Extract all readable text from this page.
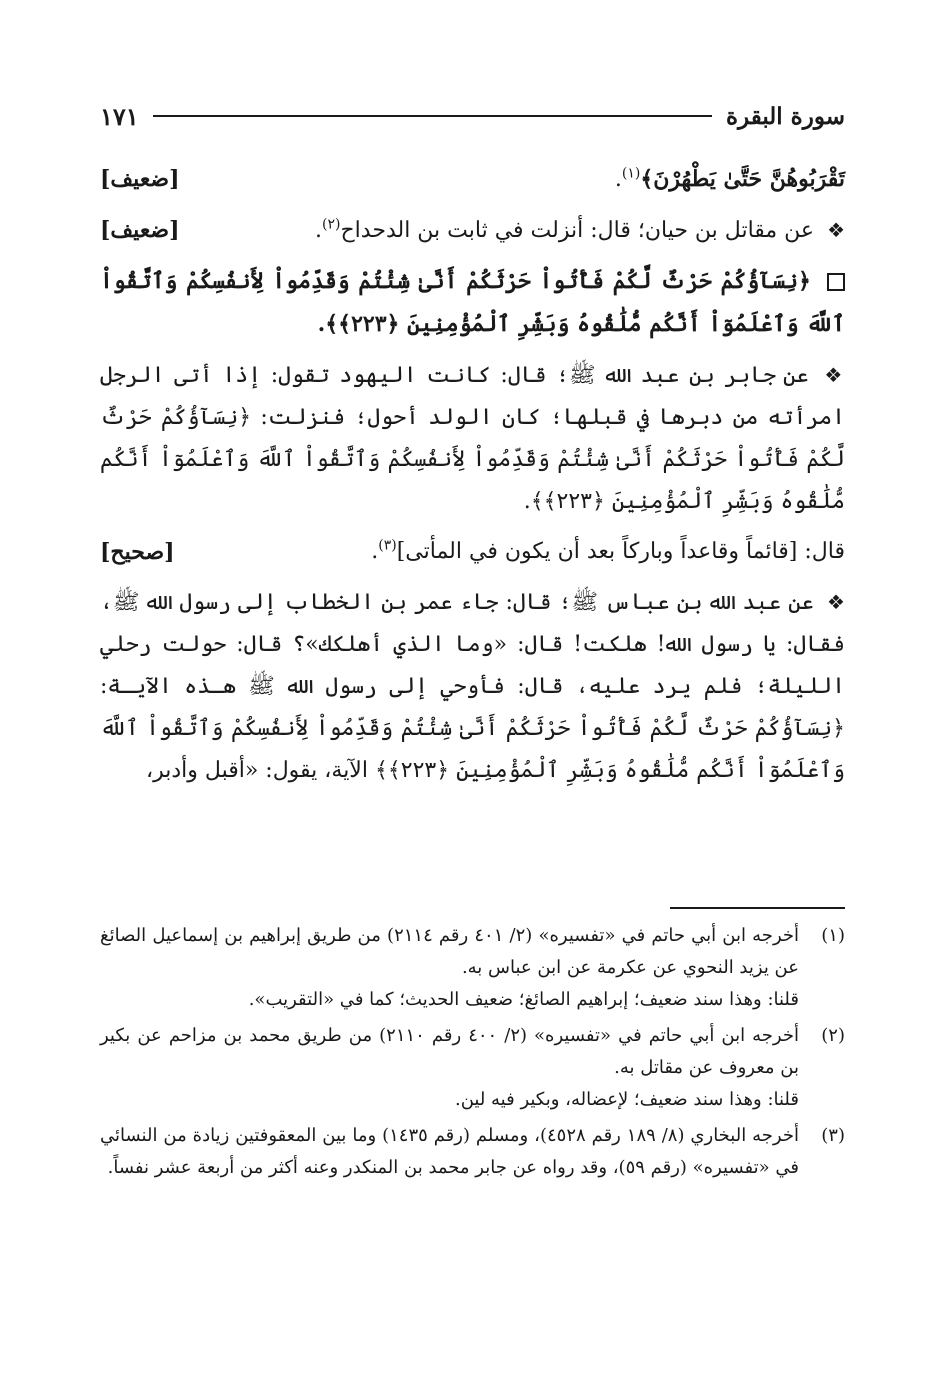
سورة البقرة
١٧١
[ضعيف]	تَقْرَبُوهُنَّ حَتَّىٰ يَطْهُرْنَ﴾$^{(١)}$.
[ضعيف]	❖ عن مقاتل بن حيان؛ قال: أنزلت في ثابت بن الدحداح$^{(٢)}$.
﴿نِسَآؤُكُمْ حَرْثٌ لَّكُمْ فَأْتُواْ حَرْثَكُمْ أَنَّىٰ شِئْتُمْ وَقَدِّمُواْ لِأَنفُسِكُمْ وَٱتَّقُواْ ٱللَّهَ وَٱعْلَمُوٓاْ أَنَّكُم مُّلَٰقُوهُ وَبَشِّرِ ٱلْمُؤْمِنِينَ ﴿٢٢٣﴾﴾.
❖ عن جابر بن عبد الله ﷺ؛ قال: كانت اليهود تقول: إذا أتى الرجل امرأته من دبرها في قبلها؛ كان الولد أحول؛ فنزلت: ﴿نِسَآؤُكُمْ حَرْثٌ لَّكُمْ فَأْتُواْ حَرْثَكُمْ أَنَّىٰ شِئْتُمْ وَقَدِّمُواْ لِأَنفُسِكُمْ وَٱتَّقُواْ ٱللَّهَ وَٱعْلَمُوٓاْ أَنَّكُم مُّلَٰقُوهُ وَبَشِّرِ ٱلْمُؤْمِنِينَ ﴿٢٢٣﴾﴾.
[صحيح]	قال: [قائماً وقاعداً وباركاً بعد أن يكون في المأتى]$^{(٣)}$.
❖ عن عبد الله بن عباس ﷺ؛ قال: جاء عمر بن الخطاب إلى رسول الله ﷺ، فقال: يا رسول الله! هلكت! قال: «وما الذي أهلكك»؟ قال: حولت رحلي الليلة؛ فلم يرد عليه، قال: فأوحي إلى رسول الله ﷺ هـذه الآيـة: ﴿نِسَآؤُكُمْ حَرْثٌ لَّكُمْ فَأْتُواْ حَرْثَكُمْ أَنَّىٰ شِئْتُمْ وَقَدِّمُواْ لِأَنفُسِكُمْ وَٱتَّقُواْ ٱللَّهَ وَٱعْلَمُوٓاْ أَنَّكُم مُّلَٰقُوهُ وَبَشِّرِ ٱلْمُؤْمِنِينَ ﴿٢٢٣﴾﴾ الآية، يقول: «أقبل وأدبر،
(١)

أخرجه ابن أبي حاتم في «تفسيره» (٢/ ٤٠١ رقم ٢١١٤) من طريق إبراهيم بن إسماعيل الصائغ عن يزيد النحوي عن عكرمة عن ابن عباس به.

قلنا: وهذا سند ضعيف؛ إبراهيم الصائغ؛ ضعيف الحديث؛ كما في «التقريب».

(٢)

أخرجه ابن أبي حاتم في «تفسيره» (٢/ ٤٠٠ رقم ٢١١٠) من طريق محمد بن مزاحم عن بكير بن معروف عن مقاتل به.

قلنا: وهذا سند ضعيف؛ لإعضاله، وبكير فيه لين.

(٣)

أخرجه البخاري (٨/ ١٨٩ رقم ٤٥٢٨)، ومسلم (رقم ١٤٣٥) وما بين المعقوفتين زيادة من النسائي في «تفسيره» (رقم ٥٩)، وقد رواه عن جابر محمد بن المنكدر وعنه أكثر من أربعة عشر نفساً.
